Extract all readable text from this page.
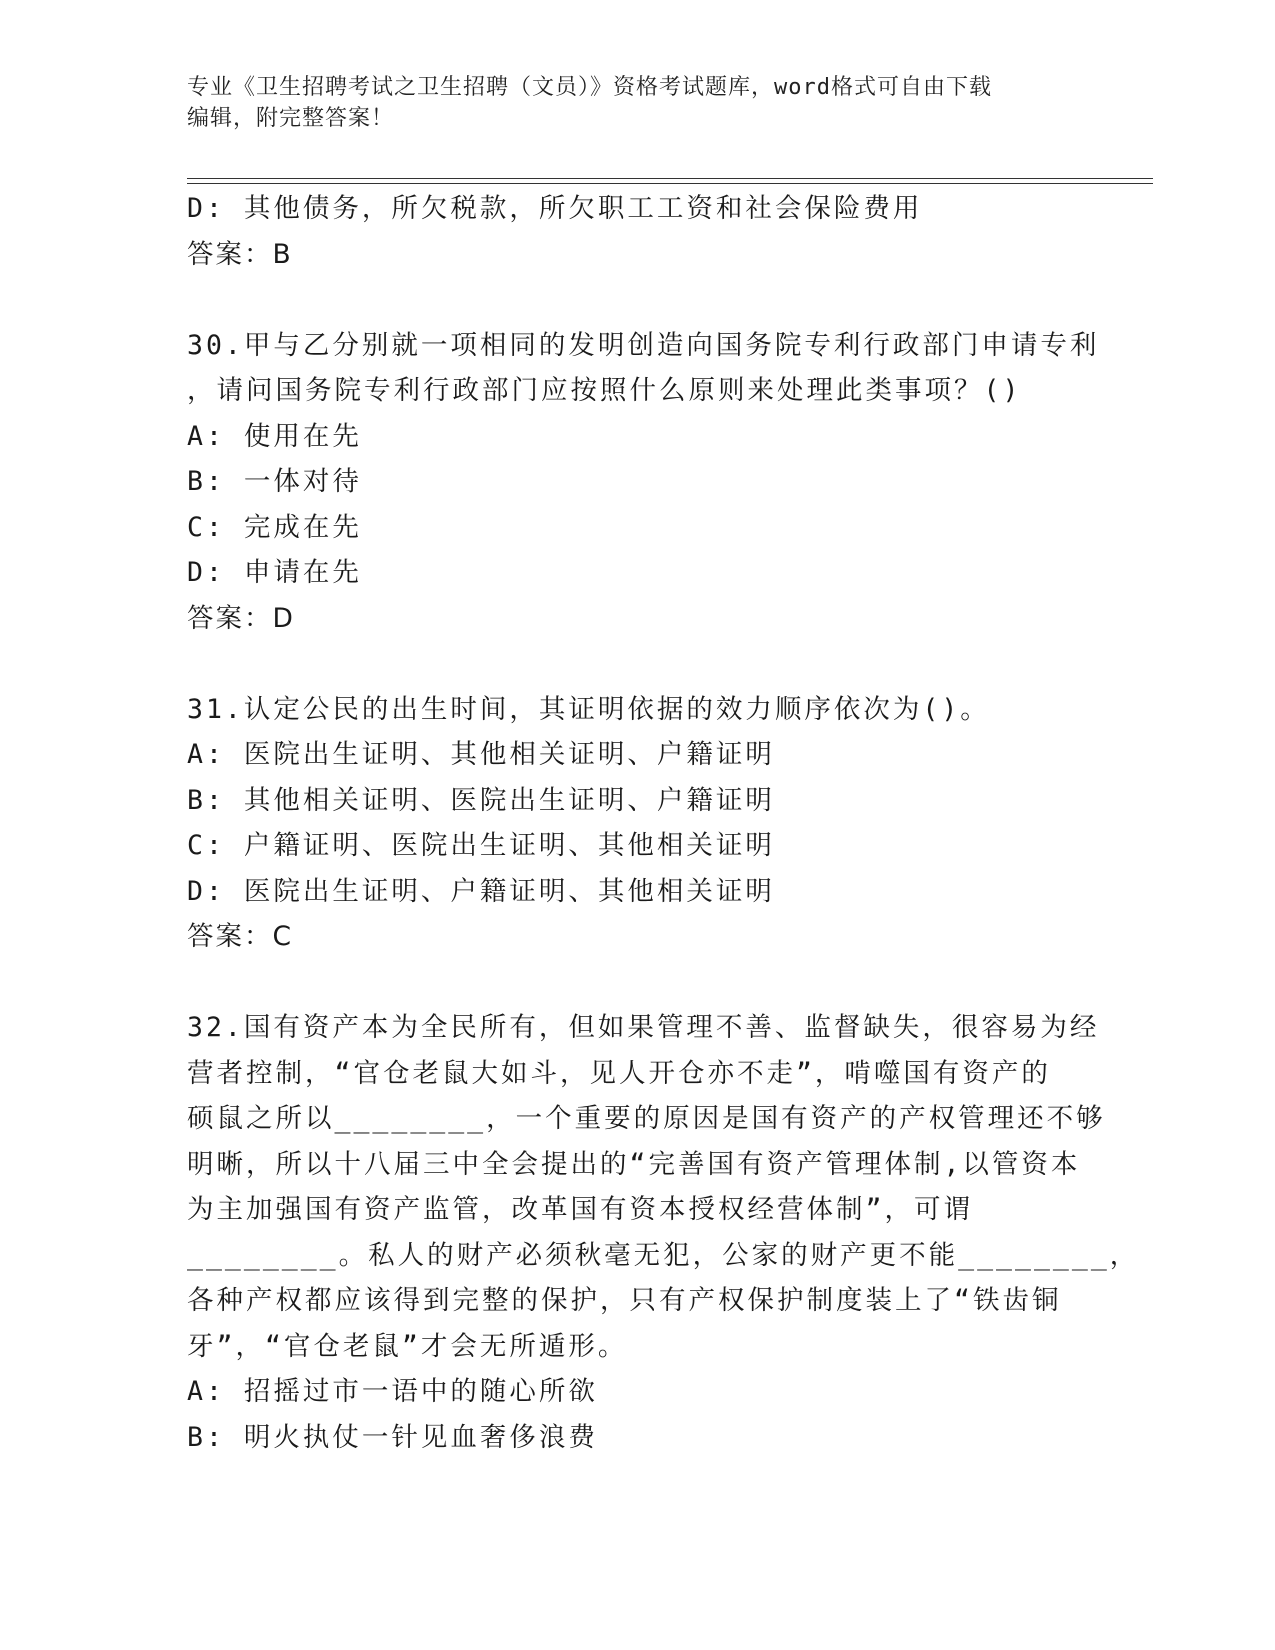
专业《卫生招聘考试之卫生招聘（文员）》资格考试题库，word格式可自由下载
编辑，附完整答案！
D: 其他债务，所欠税款，所欠职工工资和社会保险费用
答案：B
30.甲与乙分别就一项相同的发明创造向国务院专利行政部门申请专利
，请问国务院专利行政部门应按照什么原则来处理此类事项？()
A: 使用在先
B: 一体对待
C: 完成在先
D: 申请在先
答案：D
31.认定公民的出生时间，其证明依据的效力顺序依次为()。
A: 医院出生证明、其他相关证明、户籍证明
B: 其他相关证明、医院出生证明、户籍证明
C: 户籍证明、医院出生证明、其他相关证明
D: 医院出生证明、户籍证明、其他相关证明
答案：C
32.国有资产本为全民所有，但如果管理不善、监督缺失，很容易为经
营者控制，“官仓老鼠大如斗，见人开仓亦不走”，啃噬国有资产的
硕鼠之所以________，一个重要的原因是国有资产的产权管理还不够
明晰，所以十八届三中全会提出的“完善国有资产管理体制,以管资本
为主加强国有资产监管，改革国有资本授权经营体制”，可谓
________。私人的财产必须秋毫无犯，公家的财产更不能________，
各种产权都应该得到完整的保护，只有产权保护制度装上了“铁齿铜
牙”，“官仓老鼠”才会无所遁形。
A: 招摇过市一语中的随心所欲
B: 明火执仗一针见血奢侈浪费
